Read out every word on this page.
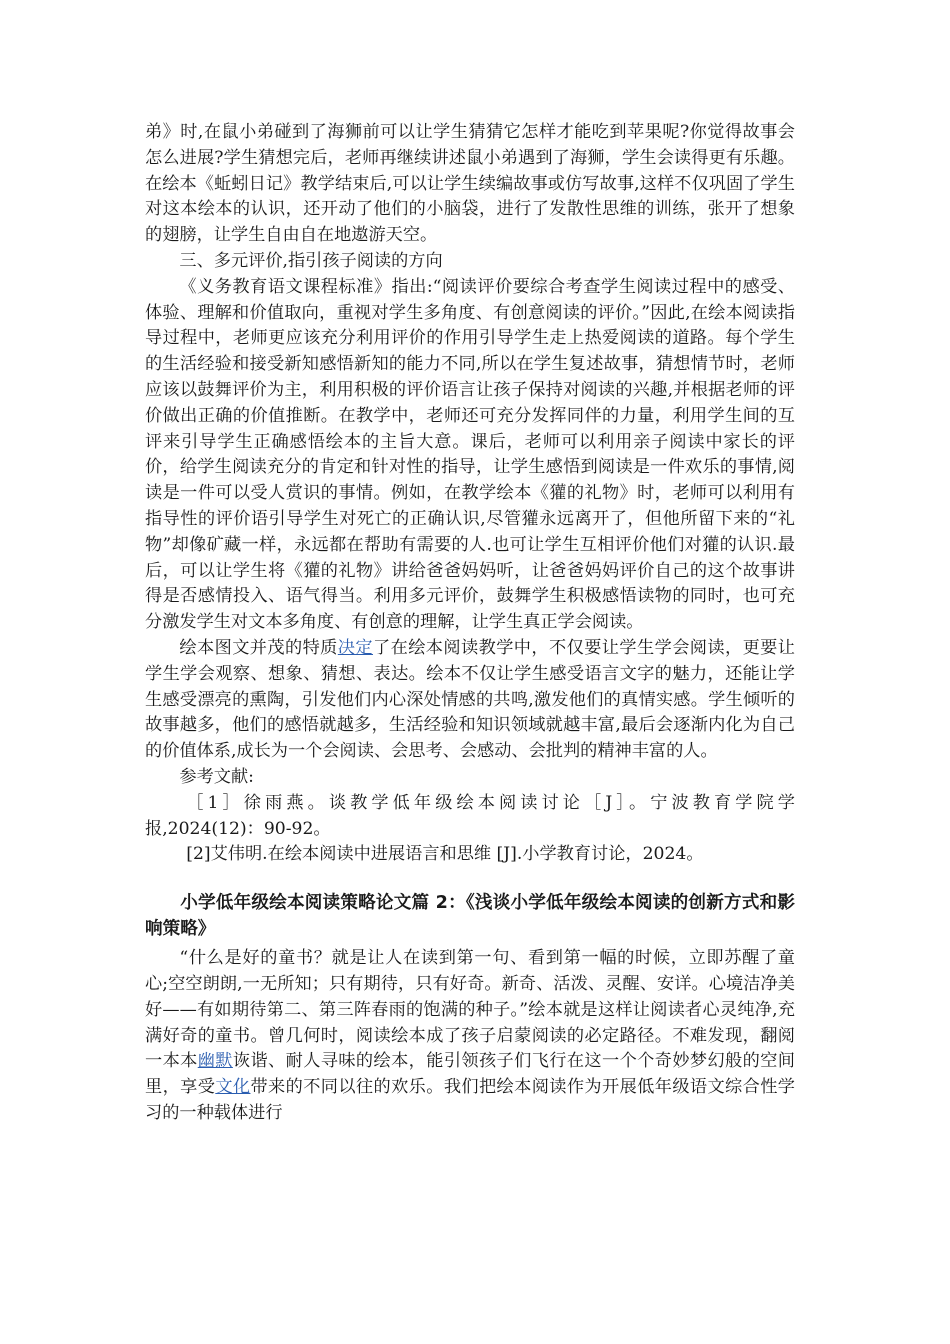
弟》时,在鼠小弟碰到了海狮前可以让学生猜猜它怎样才能吃到苹果呢?你觉得故事会怎么进展?学生猜想完后，老师再继续讲述鼠小弟遇到了海狮，学生会读得更有乐趣。在绘本《蚯蚓日记》教学结束后,可以让学生续编故事或仿写故事,这样不仅巩固了学生对这本绘本的认识，还开动了他们的小脑袋，进行了发散性思维的训练，张开了想象的翅膀，让学生自由自在地遨游天空。

三、多元评价,指引孩子阅读的方向

《义务教育语文课程标准》指出:“阅读评价要综合考查学生阅读过程中的感受、体验、理解和价值取向，重视对学生多角度、有创意阅读的评价。”因此,在绘本阅读指导过程中，老师更应该充分利用评价的作用引导学生走上热爱阅读的道路。每个学生的生活经验和接受新知感悟新知的能力不同,所以在学生复述故事，猜想情节时，老师应该以鼓舞评价为主，利用积极的评价语言让孩子保持对阅读的兴趣,并根据老师的评价做出正确的价值推断。在教学中，老师还可充分发挥同伴的力量，利用学生间的互评来引导学生正确感悟绘本的主旨大意。课后，老师可以利用亲子阅读中家长的评价，给学生阅读充分的肯定和针对性的指导，让学生感悟到阅读是一件欢乐的事情,阅读是一件可以受人赏识的事情。例如，在教学绘本《獾的礼物》时，老师可以利用有指导性的评价语引导学生对死亡的正确认识,尽管獾永远离开了，但他所留下来的“礼物”却像矿藏一样，永远都在帮助有需要的人.也可让学生互相评价他们对獾的认识.最后，可以让学生将《獾的礼物》讲给爸爸妈妈听，让爸爸妈妈评价自己的这个故事讲得是否感情投入、语气得当。利用多元评价，鼓舞学生积极感悟读物的同时，也可充分激发学生对文本多角度、有创意的理解，让学生真正学会阅读。

绘本图文并茂的特质决定了在绘本阅读教学中，不仅要让学生学会阅读，更要让学生学会观察、想象、猜想、表达。绘本不仅让学生感受语言文字的魅力，还能让学生感受漂亮的熏陶，引发他们内心深处情感的共鸣,激发他们的真情实感。学生倾听的故事越多，他们的感悟就越多，生活经验和知识领域就越丰富,最后会逐渐内化为自己的价值体系,成长为一个会阅读、会思考、会感动、会批判的精神丰富的人。

参考文献:

［1］徐雨燕。谈教学低年级绘本阅读讨论［J］。宁波教育学院学报,2024(12)：90-92。

[2]艾伟明.在绘本阅读中进展语言和思维 [J].小学教育讨论，2024。

小学低年级绘本阅读策略论文篇 2：《浅谈小学低年级绘本阅读的创新方式和影响策略》

“什么是好的童书？就是让人在读到第一句、看到第一幅的时候，立即苏醒了童心;空空朗朗,一无所知；只有期待，只有好奇。新奇、活泼、灵醒、安详。心境洁净美好——有如期待第二、第三阵春雨的饱满的种子。”绘本就是这样让阅读者心灵纯净,充满好奇的童书。曾几何时，阅读绘本成了孩子启蒙阅读的必定路径。不难发现，翻阅一本本幽默诙谐、耐人寻味的绘本，能引领孩子们飞行在这一个个奇妙梦幻般的空间里，享受文化带来的不同以往的欢乐。我们把绘本阅读作为开展低年级语文综合性学习的一种载体进行
